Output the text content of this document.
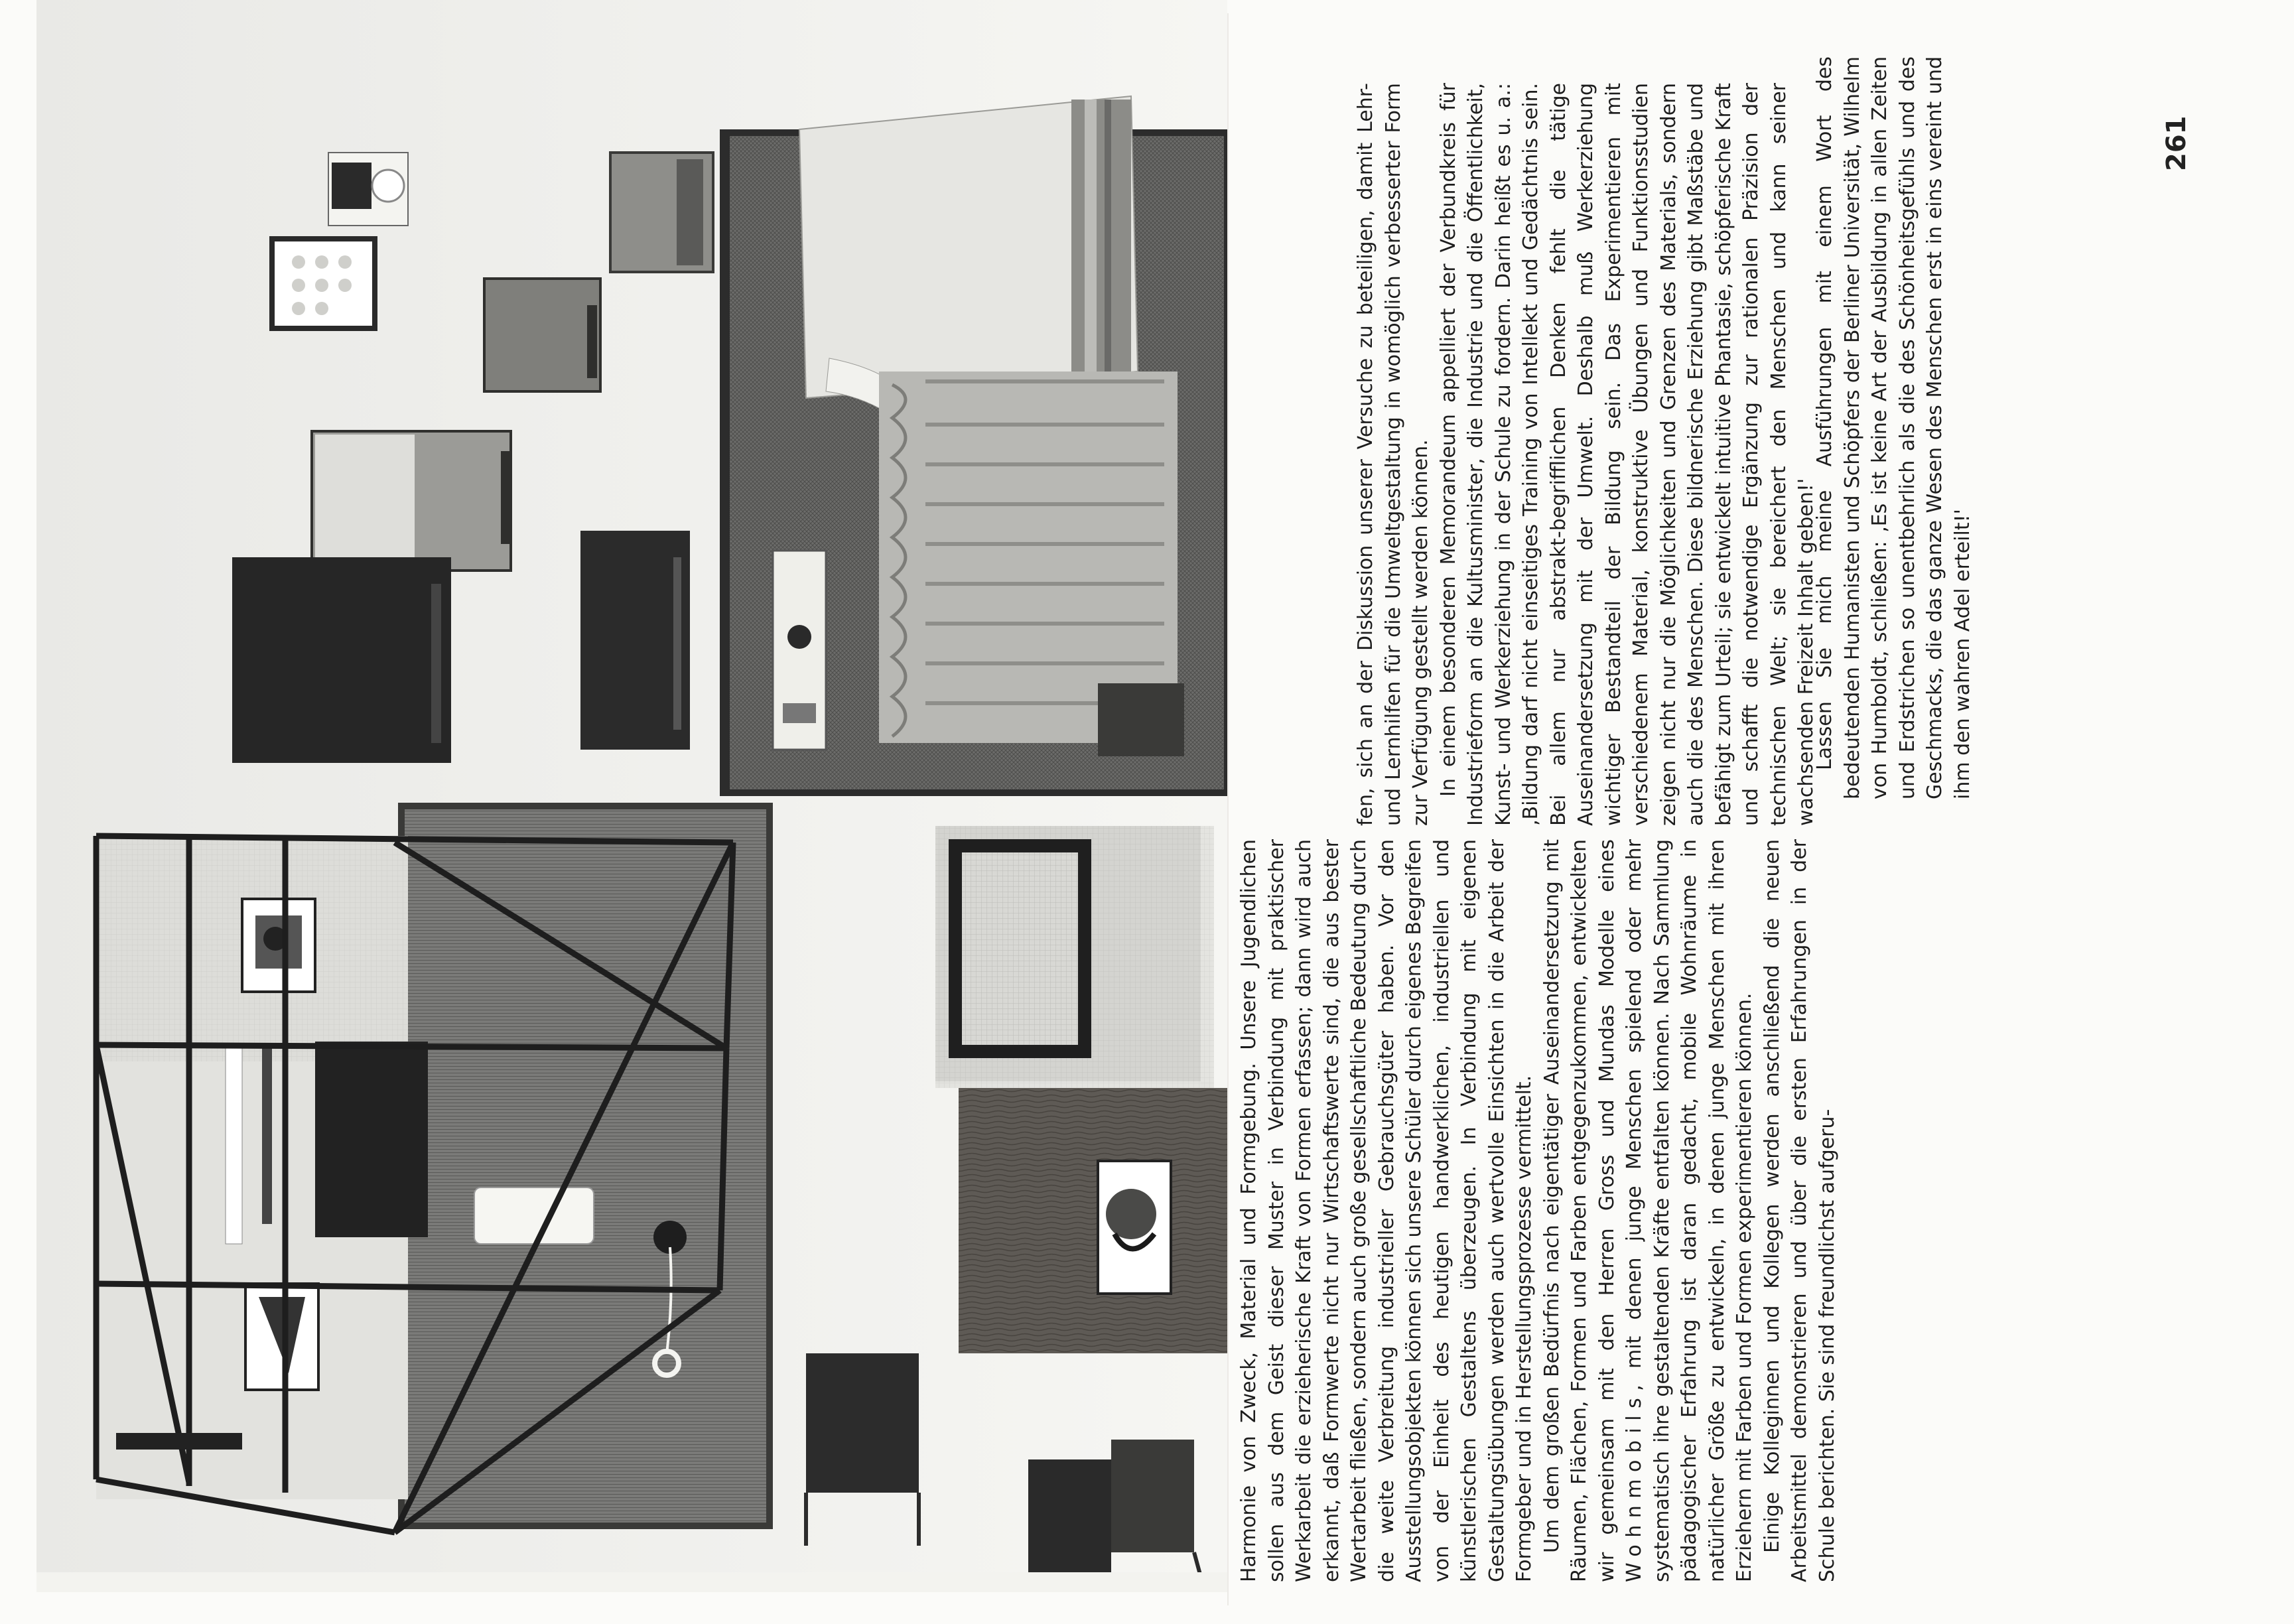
Harmonie von Zweck, Material und Formgebung. Unsere Jugendlichen sollen aus dem Geist dieser Muster in Verbindung mit praktischer Werkarbeit die erzieherische Kraft von Formen erfassen; dann wird auch erkannt, daß Formwerte nicht nur Wirtschaftswerte sind, die aus bester Wertarbeit fließen, sondern auch große gesellschaftliche Bedeutung durch die weite Verbreitung industrieller Gebrauchsgüter haben. Vor den Ausstellungsobjekten können sich unsere Schüler durch eigenes Begreifen von der Einheit des heutigen handwerklichen, industriellen und künstlerischen Gestaltens überzeugen. In Verbindung mit eigenen Gestaltungsübungen werden auch wertvolle Einsichten in die Arbeit der Formgeber und in Herstellungsprozesse vermittelt. Um dem großen Bedürfnis nach eigentätiger Auseinandersetzung mit Räumen, Flächen, Formen und Farben entgegenzukommen, entwickelten wir gemeinsam mit den Herren Gross und Mundas Modelle eines Wohnmobils, mit denen junge Menschen spielend oder mehr systematisch ihre gestaltenden Kräfte entfalten können. Nach Sammlung pädagogischer Erfahrung ist daran gedacht, mobile Wohnräume in natürlicher Größe zu entwickeln, in denen junge Menschen mit ihren Erziehern mit Farben und Formen experimentieren können. Einige Kolleginnen und Kollegen werden anschließend die neuen Arbeitsmittel demonstrieren und über die ersten Erfahrungen in der Schule berichten. Sie sind freundlichst aufgeru-

fen, sich an der Diskussion unserer Versuche zu beteiligen, damit Lehr- und Lernhilfen für die Umweltgestaltung in womöglich verbesserter Form zur Verfügung gestellt werden können. In einem besonderen Memorandeum appelliert der Verbundkreis für Industrieform an die Kultusminister, die Industrie und die Öffentlichkeit, Kunst- und Werkerziehung in der Schule zu fordern. Darin heißt es u. a.: ‚Bildung darf nicht einseitiges Training von Intellekt und Gedächtnis sein. Bei allem nur abstrakt-begrifflichen Denken fehlt die tätige Auseinandersetzung mit der Umwelt. Deshalb muß Werkerziehung wichtiger Bestandteil der Bildung sein. Das Experimentieren mit verschiedenem Material, konstruktive Übungen und Funktionsstudien zeigen nicht nur die Möglichkeiten und Grenzen des Materials, sondern auch die des Menschen. Diese bildnerische Erziehung gibt Maßstäbe und befähigt zum Urteil; sie entwickelt intuitive Phantasie, schöpferische Kraft und schafft die notwendige Ergänzung zur rationalen Präzision der technischen Welt; sie bereichert den Menschen und kann seiner wachsenden Freizeit Inhalt geben!'

Lassen Sie mich meine Ausführungen mit einem Wort des bedeutenden Humanisten und Schöpfers der Berliner Universität, Wilhelm von Humboldt, schließen: ‚Es ist keine Art der Ausbildung in allen Zeiten und Erdstrichen so unentbehrlich als die des Schönheitsgefühls und des Geschmacks, die das ganze Wesen des Menschen erst in eins vereint und ihm den wahren Adel erteilt!'

261
